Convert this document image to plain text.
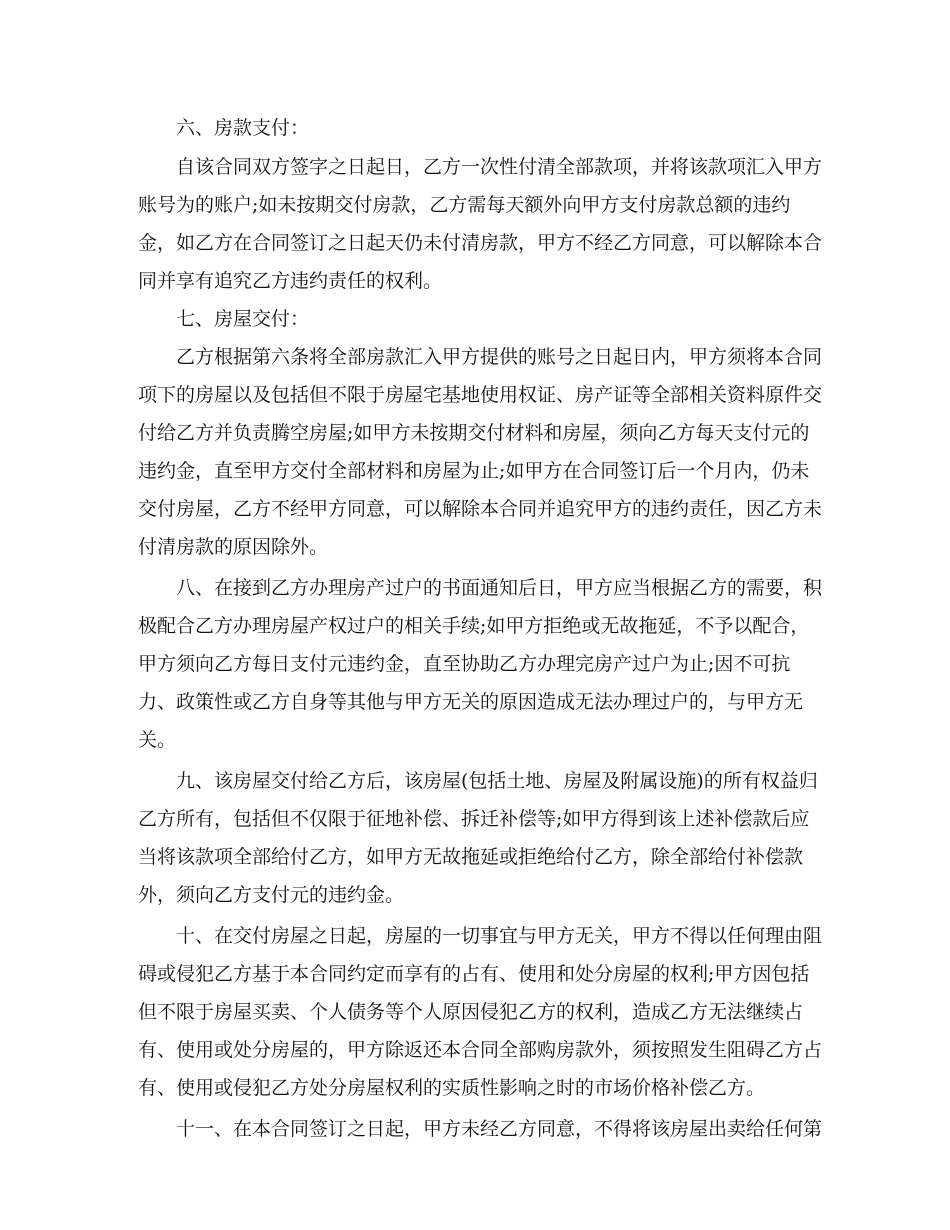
六、房款支付：

自该合同双方签字之日起日，乙方一次性付清全部款项，并将该款项汇入甲方

账号为的账户;如未按期交付房款，乙方需每天额外向甲方支付房款总额的违约

金，如乙方在合同签订之日起天仍未付清房款，甲方不经乙方同意，可以解除本合

同并享有追究乙方违约责任的权利。

七、房屋交付：

乙方根据第六条将全部房款汇入甲方提供的账号之日起日内，甲方须将本合同

项下的房屋以及包括但不限于房屋宅基地使用权证、房产证等全部相关资料原件交

付给乙方并负责腾空房屋;如甲方未按期交付材料和房屋，须向乙方每天支付元的

违约金，直至甲方交付全部材料和房屋为止;如甲方在合同签订后一个月内，仍未

交付房屋，乙方不经甲方同意，可以解除本合同并追究甲方的违约责任，因乙方未

付清房款的原因除外。

八、在接到乙方办理房产过户的书面通知后日，甲方应当根据乙方的需要，积

极配合乙方办理房屋产权过户的相关手续;如甲方拒绝或无故拖延，不予以配合，

甲方须向乙方每日支付元违约金，直至协助乙方办理完房产过户为止;因不可抗

力、政策性或乙方自身等其他与甲方无关的原因造成无法办理过户的，与甲方无

关。

九、该房屋交付给乙方后，该房屋(包括土地、房屋及附属设施)的所有权益归

乙方所有，包括但不仅限于征地补偿、拆迁补偿等;如甲方得到该上述补偿款后应

当将该款项全部给付乙方，如甲方无故拖延或拒绝给付乙方，除全部给付补偿款

外，须向乙方支付元的违约金。

十、在交付房屋之日起，房屋的一切事宜与甲方无关，甲方不得以任何理由阻

碍或侵犯乙方基于本合同约定而享有的占有、使用和处分房屋的权利;甲方因包括

但不限于房屋买卖、个人债务等个人原因侵犯乙方的权利，造成乙方无法继续占

有、使用或处分房屋的，甲方除返还本合同全部购房款外，须按照发生阻碍乙方占

有、使用或侵犯乙方处分房屋权利的实质性影响之时的市场价格补偿乙方。

十一、在本合同签订之日起，甲方未经乙方同意，不得将该房屋出卖给任何第
